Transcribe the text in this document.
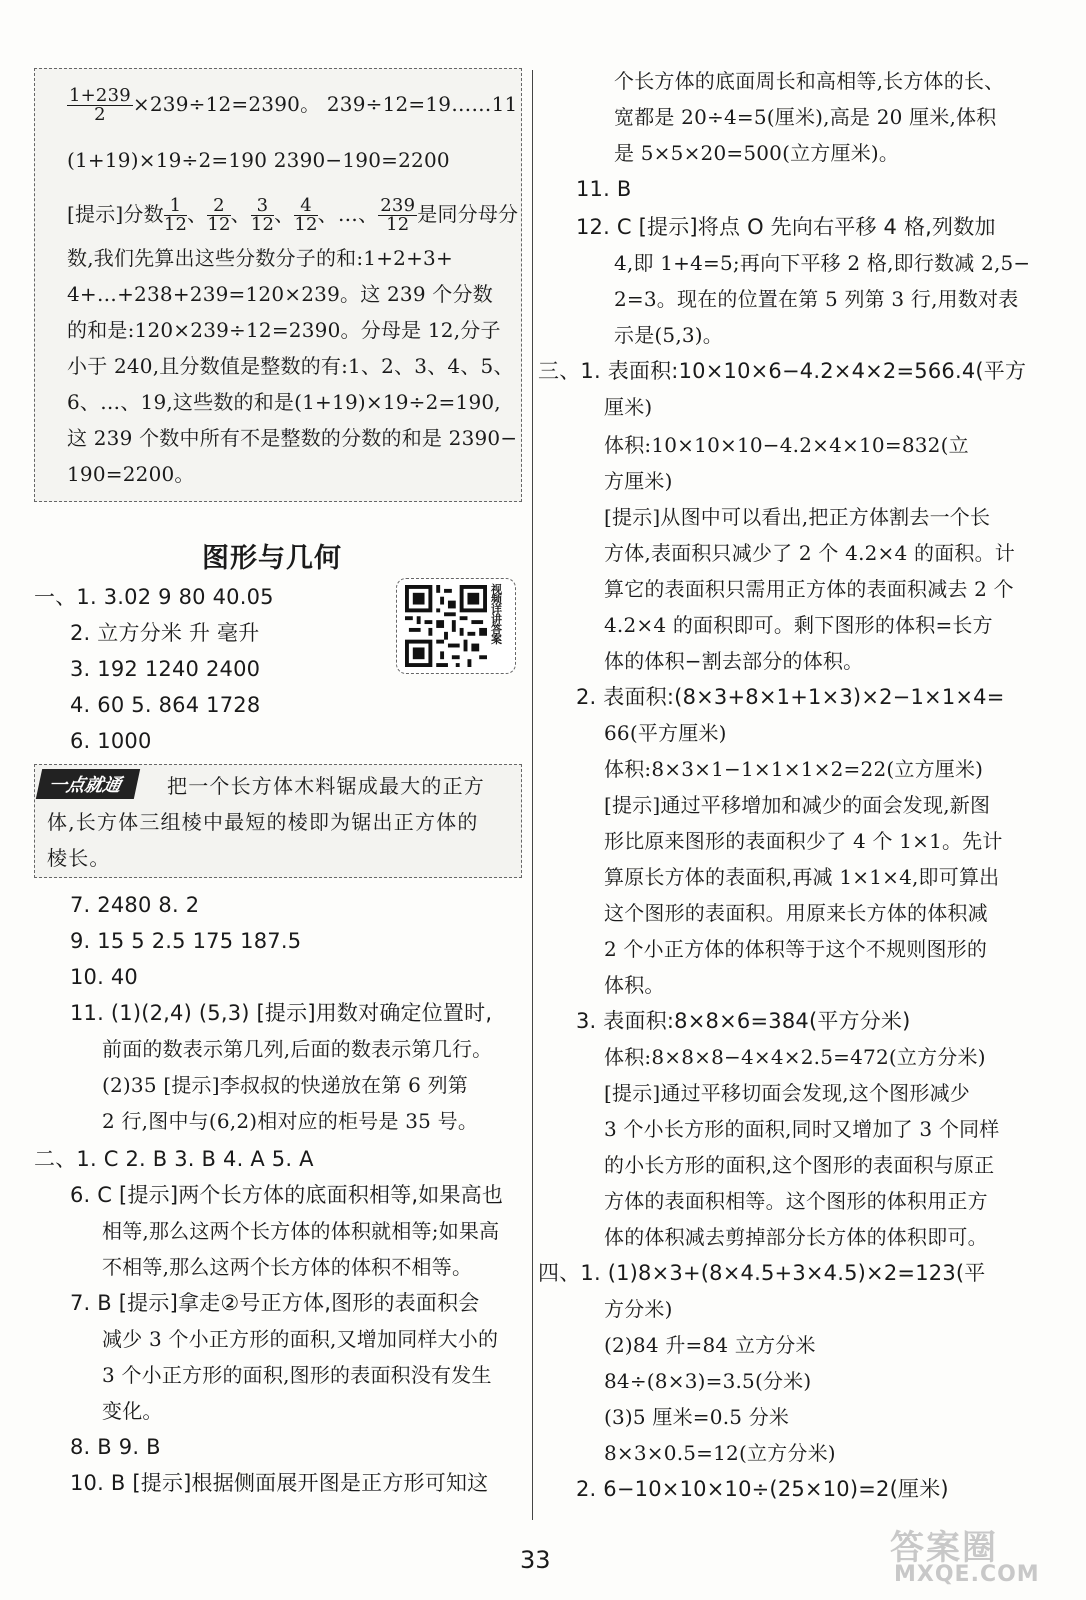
$\frac{1+239}{2} \times 239\div 12=2390$。 239÷12=19……11
(1+19)×19÷2=190 2390−190=2200
[提示]分数 $\frac{1}{12}$ 、 $\frac{2}{12}$ 、 $\frac{3}{12}$ 、 $\frac{4}{12}$ 、…、 $\frac{239}{12}$ 是同分母分
数,我们先算出这些分数分子的和:1+2+3+
4+…+238+239=120×239。这 239 个分数
的和是:120×239÷12=2390。分母是 12,分子
小于 240,且分数值是整数的有:1、2、3、4、5、
6、…、19,这些数的和是(1+19)×19÷2=190,
这 239 个数中所有不是整数的分数的和是 2390−
190=2200。
图形与几何
视频详讲答案
一、1. 3.02 9 80 40.05
2. 立方分米 升 毫升
3. 192 1240 2400
4. 60 5. 864 1728
6. 1000
一点就通	把一个长方体木料锯成最大的正方
体,长方体三组棱中最短的棱即为锯出正方体的
棱长。
7. 2480 8. 2
9. 15 5 2.5 175 187.5
10. 40
11. (1)(2,4) (5,3) [提示]用数对确定位置时,
前面的数表示第几列,后面的数表示第几行。
(2)35 [提示]李叔叔的快递放在第 6 列第
2 行,图中与(6,2)相对应的柜号是 35 号。
二、1. C 2. B 3. B 4. A 5. A
6. C [提示]两个长方体的底面积相等,如果高也
相等,那么这两个长方体的体积就相等;如果高
不相等,那么这两个长方体的体积不相等。
7. B [提示]拿走②号正方体,图形的表面积会
减少 3 个小正方形的面积,又增加同样大小的
3 个小正方形的面积,图形的表面积没有发生
变化。
8. B 9. B
10. B [提示]根据侧面展开图是正方形可知这
个长方体的底面周长和高相等,长方体的长、
宽都是 20÷4=5(厘米),高是 20 厘米,体积
是 5×5×20=500(立方厘米)。
11. B
12. C [提示]将点 O 先向右平移 4 格,列数加
4,即 1+4=5;再向下平移 2 格,即行数减 2,5−
2=3。现在的位置在第 5 列第 3 行,用数对表
示是(5,3)。
三、1. 表面积:10×10×6−4.2×4×2=566.4(平方
厘米)
体积:10×10×10−4.2×4×10=832(立
方厘米)
[提示]从图中可以看出,把正方体割去一个长
方体,表面积只减少了 2 个 4.2×4 的面积。计
算它的表面积只需用正方体的表面积减去 2 个
4.2×4 的面积即可。剩下图形的体积=长方
体的体积−割去部分的体积。
2. 表面积:(8×3+8×1+1×3)×2−1×1×4=
66(平方厘米)
体积:8×3×1−1×1×1×2=22(立方厘米)
[提示]通过平移增加和减少的面会发现,新图
形比原来图形的表面积少了 4 个 1×1。先计
算原长方体的表面积,再减 1×1×4,即可算出
这个图形的表面积。用原来长方体的体积减
2 个小正方体的体积等于这个不规则图形的
体积。
3. 表面积:8×8×6=384(平方分米)
体积:8×8×8−4×4×2.5=472(立方分米)
[提示]通过平移切面会发现,这个图形减少
3 个小长方形的面积,同时又增加了 3 个同样
的小长方形的面积,这个图形的表面积与原正
方体的表面积相等。这个图形的体积用正方
体的体积减去剪掉部分长方体的体积即可。
四、1. (1)8×3+(8×4.5+3×4.5)×2=123(平
方分米)
(2)84 升=84 立方分米
84÷(8×3)=3.5(分米)
(3)5 厘米=0.5 分米
8×3×0.5=12(立方分米)
2. 6−10×10×10÷(25×10)=2(厘米)
33	答案圈
MXQE.COM
